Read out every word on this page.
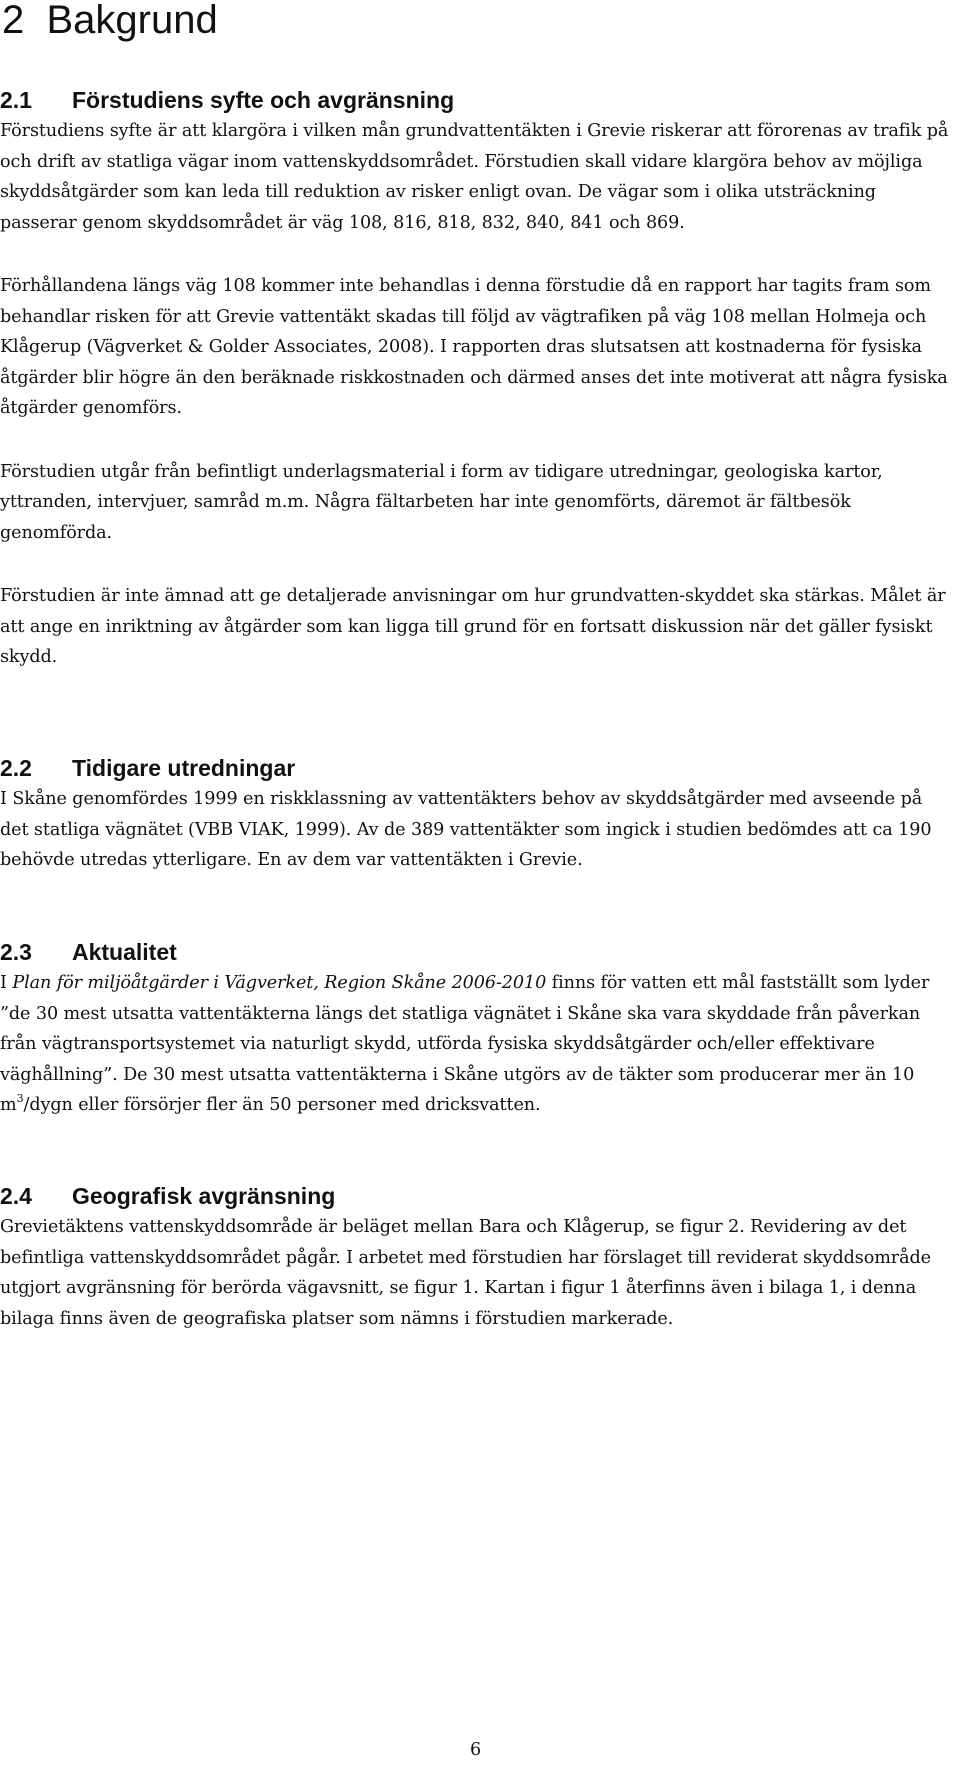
2 Bakgrund
2.1 Förstudiens syfte och avgränsning

Förstudiens syfte är att klargöra i vilken mån grundvattentäkten i Grevie riskerar att förorenas av trafik på och drift av statliga vägar inom vattenskyddsområdet. Förstudien skall vidare klargöra behov av möjliga skyddsåtgärder som kan leda till reduktion av risker enligt ovan. De vägar som i olika utsträckning passerar genom skyddsområdet är väg 108, 816, 818, 832, 840, 841 och 869.

Förhållandena längs väg 108 kommer inte behandlas i denna förstudie då en rapport har tagits fram som behandlar risken för att Grevie vattentäkt skadas till följd av vägtrafiken på väg 108 mellan Holmeja och Klågerup (Vägverket & Golder Associates, 2008). I rapporten dras slutsatsen att kostnaderna för fysiska åtgärder blir högre än den beräknade riskkostnaden och därmed anses det inte motiverat att några fysiska åtgärder genomförs.

Förstudien utgår från befintligt underlagsmaterial i form av tidigare utredningar, geologiska kartor, yttranden, intervjuer, samråd m.m. Några fältarbeten har inte genomförts, däremot är fältbesök genomförda.

Förstudien är inte ämnad att ge detaljerade anvisningar om hur grundvatten-skyddet ska stärkas. Målet är att ange en inriktning av åtgärder som kan ligga till grund för en fortsatt diskussion när det gäller fysiskt skydd.

2.2 Tidigare utredningar

I Skåne genomfördes 1999 en riskklassning av vattentäkters behov av skyddsåtgärder med avseende på det statliga vägnätet (VBB VIAK, 1999). Av de 389 vattentäkter som ingick i studien bedömdes att ca 190 behövde utredas ytterligare. En av dem var vattentäkten i Grevie.

2.3 Aktualitet

I Plan för miljöåtgärder i Vägverket, Region Skåne 2006-2010 finns för vatten ett mål fastställt som lyder ”de 30 mest utsatta vattentäkterna längs det statliga vägnätet i Skåne ska vara skyddade från påverkan från vägtransportsystemet via naturligt skydd, utförda fysiska skyddsåtgärder och/eller effektivare väghållning”. De 30 mest utsatta vattentäkterna i Skåne utgörs av de täkter som producerar mer än 10 $m^3$/dygn eller försörjer fler än 50 personer med dricksvatten.

2.4 Geografisk avgränsning

Grevietäktens vattenskyddsområde är beläget mellan Bara och Klågerup, se figur 2. Revidering av det befintliga vattenskyddsområdet pågår. I arbetet med förstudien har förslaget till reviderat skyddsområde utgjort avgränsning för berörda vägavsnitt, se figur 1. Kartan i figur 1 återfinns även i bilaga 1, i denna bilaga finns även de geografiska platser som nämns i förstudien markerade.

6
